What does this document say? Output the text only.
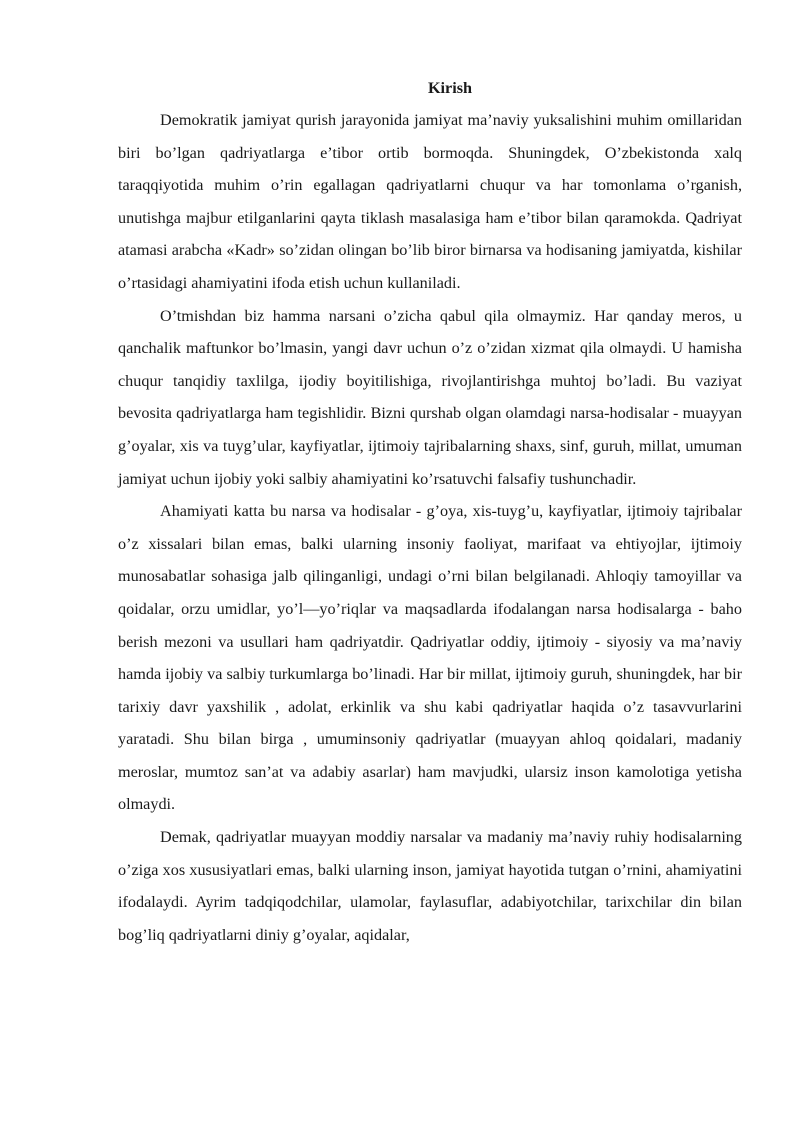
Kirish

Demokratik jamiyat qurish jarayonida jamiyat ma’naviy yuksalishini muhim omillaridan biri bo’lgan qadriyatlarga e’tibor ortib bormoqda. Shuningdek, O’zbekistonda xalq taraqqiyotida muhim o’rin egallagan qadriyatlarni chuqur va har tomonlama o’rganish, unutishga majbur etilganlarini qayta tiklash masalasiga ham e’tibor bilan qaramokda. Qadriyat atamasi arabcha «Kadr» so’zidan olingan bo’lib biror birnarsa va hodisaning jamiyatda, kishilar o’rtasidagi ahamiyatini ifoda etish uchun kullaniladi.

O’tmishdan biz hamma narsani o’zicha qabul qila olmaymiz. Har qanday meros, u qanchalik maftunkor bo’lmasin, yangi davr uchun o’z o’zidan xizmat qila olmaydi. U hamisha chuqur tanqidiy taxlilga, ijodiy boyitilishiga, rivojlantirishga muhtoj bo’ladi. Bu vaziyat bevosita qadriyatlarga ham tegishlidir. Bizni qurshab olgan olamdagi narsa-hodisalar - muayyan g’oyalar, xis va tuyg’ular, kayfiyatlar, ijtimoiy tajribalarning shaxs, sinf, guruh, millat, umuman jamiyat uchun ijobiy yoki salbiy ahamiyatini ko’rsatuvchi falsafiy tushunchadir.

Ahamiyati katta bu narsa va hodisalar - g’oya, xis-tuyg’u, kayfiyatlar, ijtimoiy tajribalar o’z xissalari bilan emas, balki ularning insoniy faoliyat, marifaat va ehtiyojlar, ijtimoiy munosabatlar sohasiga jalb qilinganligi, undagi o’rni bilan belgilanadi. Ahloqiy tamoyillar va qoidalar, orzu umidlar, yo’l—yo’riqlar va maqsadlarda ifodalangan narsa hodisalarga - baho berish mezoni va usullari ham qadriyatdir. Qadriyatlar oddiy, ijtimoiy - siyosiy va ma’naviy hamda ijobiy va salbiy turkumlarga bo’linadi. Har bir millat, ijtimoiy guruh, shuningdek, har bir tarixiy davr yaxshilik , adolat, erkinlik va shu kabi qadriyatlar haqida o’z tasavvurlarini yaratadi. Shu bilan birga , umuminsoniy qadriyatlar (muayyan ahloq qoidalari, madaniy meroslar, mumtoz san’at va adabiy asarlar) ham mavjudki, ularsiz inson kamolotiga yetisha olmaydi.

Demak, qadriyatlar muayyan moddiy narsalar va madaniy ma’naviy ruhiy hodisalarning o’ziga xos xususiyatlari emas, balki ularning inson, jamiyat hayotida tutgan o’rnini, ahamiyatini ifodalaydi. Ayrim tadqiqodchilar, ulamolar, faylasuflar, adabiyotchilar, tarixchilar din bilan bog’liq qadriyatlarni diniy g’oyalar, aqidalar,
